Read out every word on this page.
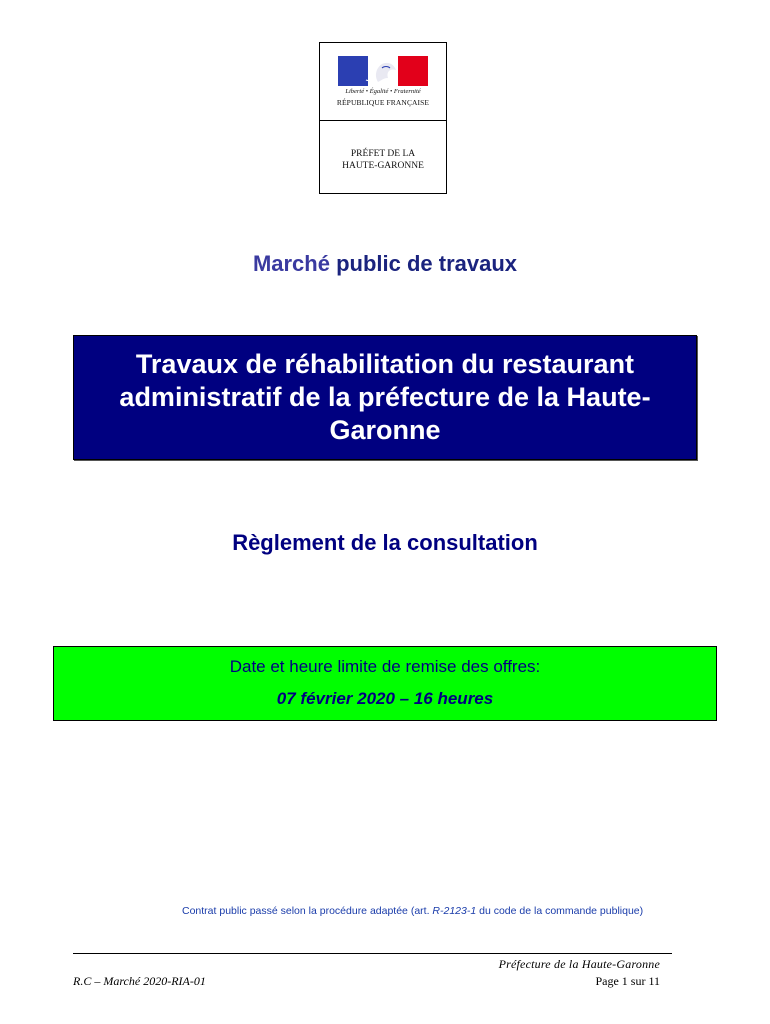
Liberté • Égalité • Fraternité
RÉPUBLIQUE FRANÇAISE
PRÉFET DE LA
HAUTE-GARONNE
Marché public de travaux
Travaux de réhabilitation du restaurant administratif de la préfecture de la Haute-Garonne
Règlement de la consultation
Date et heure limite de remise des offres:
07 février 2020 – 16 heures
Contrat public passé selon la procédure adaptée (art. R-2123-1 du code de la commande publique)
Préfecture de la Haute-Garonne
R.C – Marché 2020-RIA-01	Page 1 sur 11
